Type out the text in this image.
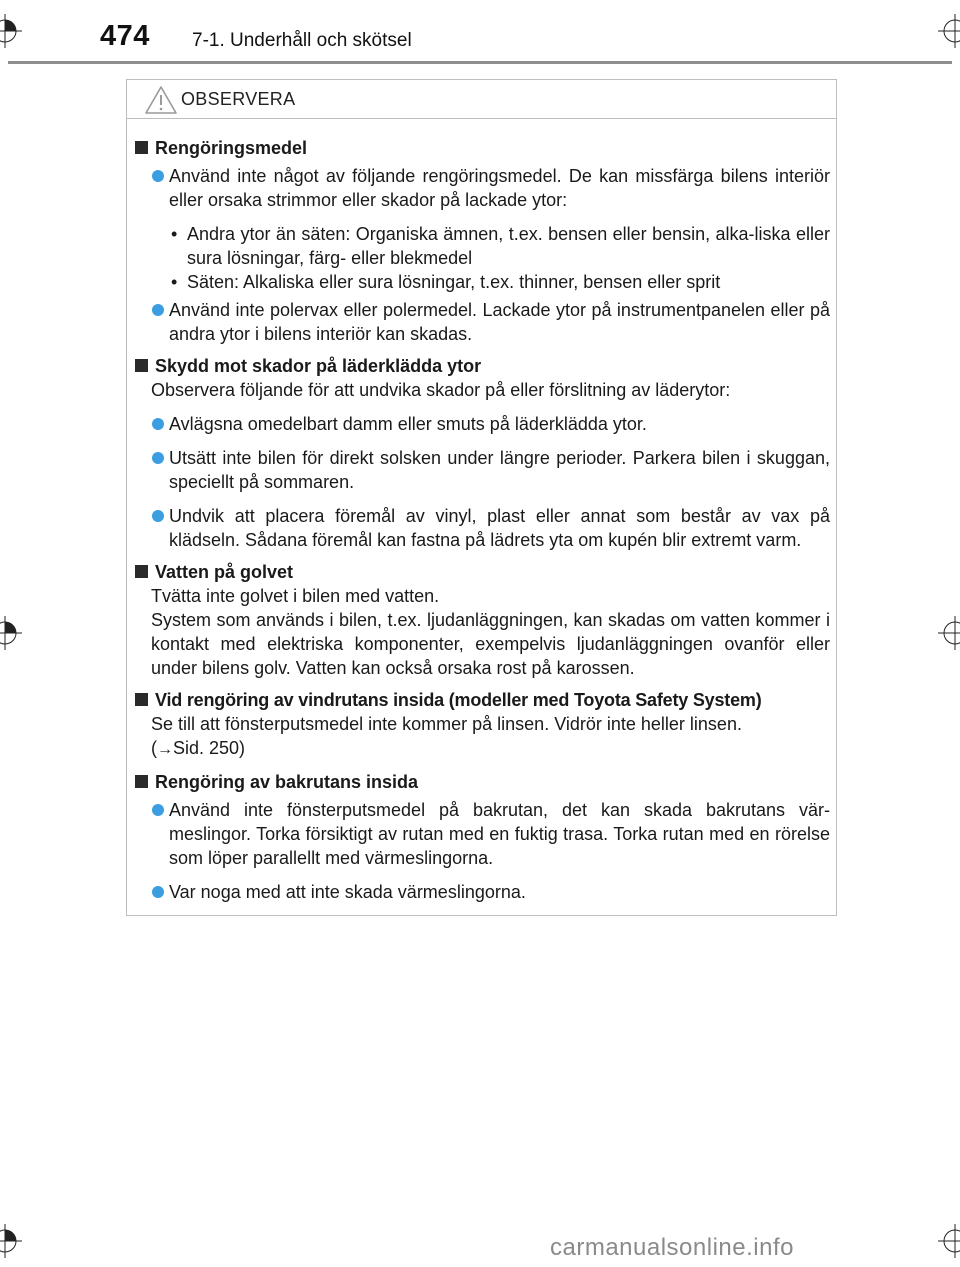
474 7-1. Underhåll och skötsel
OBSERVERA
Rengöringsmedel
Använd inte något av följande rengöringsmedel. De kan missfärga bilens interiör eller orsaka strimmor eller skador på lackade ytor:
• Andra ytor än säten: Organiska ämnen, t.ex. bensen eller bensin, alka-liska eller sura lösningar, färg- eller blekmedel
• Säten: Alkaliska eller sura lösningar, t.ex. thinner, bensen eller sprit
Använd inte polervax eller polermedel. Lackade ytor på instrumentpanelen eller på andra ytor i bilens interiör kan skadas.
Skydd mot skador på läderklädda ytor
Observera följande för att undvika skador på eller förslitning av läderytor:
Avlägsna omedelbart damm eller smuts på läderklädda ytor.
Utsätt inte bilen för direkt solsken under längre perioder. Parkera bilen i skuggan, speciellt på sommaren.
Undvik att placera föremål av vinyl, plast eller annat som består av vax på klädseln. Sådana föremål kan fastna på lädrets yta om kupén blir extremt varm.
Vatten på golvet
Tvätta inte golvet i bilen med vatten.
System som används i bilen, t.ex. ljudanläggningen, kan skadas om vatten kommer i kontakt med elektriska komponenter, exempelvis ljudanläggningen ovanför eller under bilens golv. Vatten kan också orsaka rost på karossen.
Vid rengöring av vindrutans insida (modeller med Toyota Safety System)
Se till att fönsterputsmedel inte kommer på linsen. Vidrör inte heller linsen.
(→Sid. 250)
Rengöring av bakrutans insida
Använd inte fönsterputsmedel på bakrutan, det kan skada bakrutans vär-meslingor. Torka försiktigt av rutan med en fuktig trasa. Torka rutan med en rörelse som löper parallellt med värmeslingorna.
Var noga med att inte skada värmeslingorna.
carmanualsonline.info
